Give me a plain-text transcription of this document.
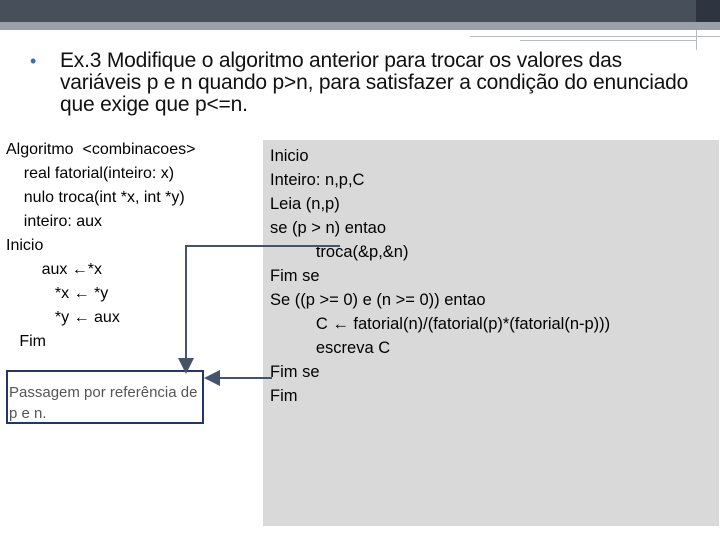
• Ex.3 Modifique o algoritmo anterior para trocar os valores das variáveis p e n quando p>n, para satisfazer a condição do enunciado que exige que p<=n.
Algoritmo  <combinacoes>
real fatorial(inteiro: x)
nulo troca(int *x, int *y)
inteiro: aux
Inicio
aux ←*x
*x ← *y
*y ← aux
Fim
Passagem por referência de p e n.
Inicio
Inteiro: n,p,C
Leia (n,p)
se (p > n) entao
troca(&p,&n)
Fim se
Se ((p >= 0) e (n >= 0)) entao
C ← fatorial(n)/(fatorial(p)*(fatorial(n-p)))
escreva C
Fim se
Fim
